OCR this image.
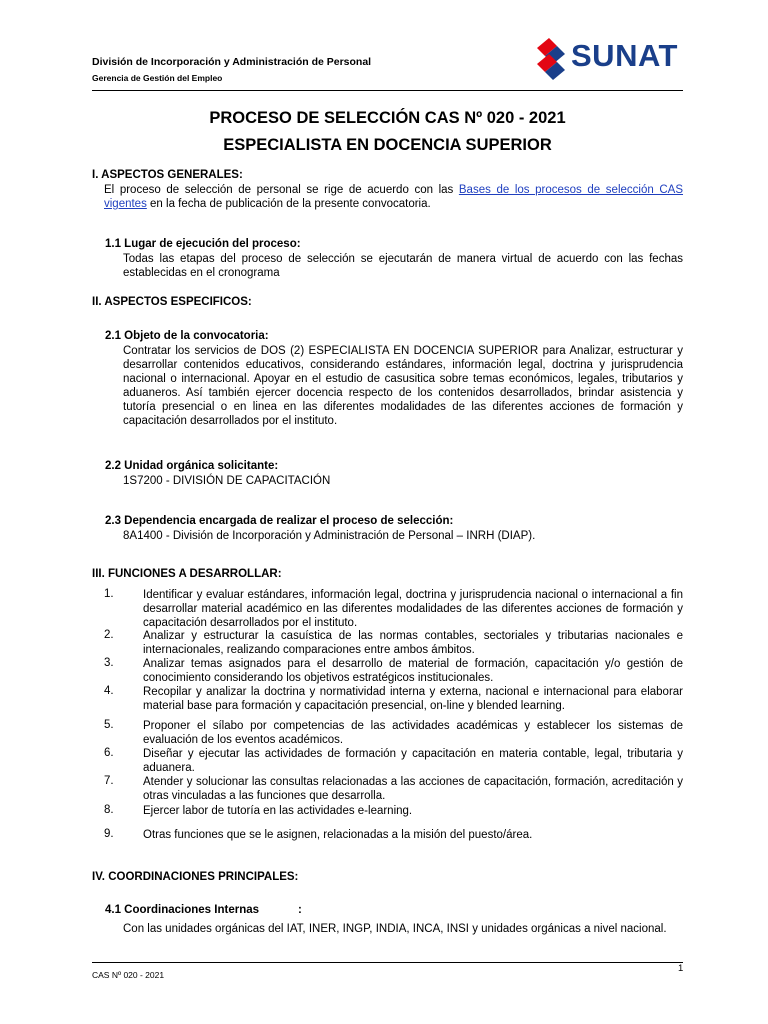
División de Incorporación y Administración de Personal
Gerencia de Gestión del Empleo
SUNAT
PROCESO DE SELECCIÓN CAS Nº 020 - 2021
ESPECIALISTA EN DOCENCIA SUPERIOR
I. ASPECTOS GENERALES:
El proceso de selección de personal se rige de acuerdo con las Bases de los procesos de selección CAS vigentes en la fecha de publicación de la presente convocatoria.
1.1 Lugar de ejecución del proceso:
Todas las etapas del proceso de selección se ejecutarán de manera virtual de acuerdo con las fechas establecidas en el cronograma
II. ASPECTOS ESPECIFICOS:
2.1 Objeto de la convocatoria:
Contratar los servicios de DOS (2) ESPECIALISTA EN DOCENCIA SUPERIOR para Analizar, estructurar y desarrollar contenidos educativos, considerando estándares, información legal, doctrina y jurisprudencia nacional o internacional. Apoyar en el estudio de casusitica sobre temas económicos, legales, tributarios y aduaneros. Así también ejercer docencia respecto de los contenidos desarrollados, brindar asistencia y tutoría presencial o en linea en las diferentes modalidades de las diferentes acciones de formación y capacitación desarrollados por el instituto.
2.2 Unidad orgánica solicitante:
1S7200 - DIVISIÓN DE CAPACITACIÓN
2.3 Dependencia encargada de realizar el proceso de selección:
8A1400 - División de Incorporación y Administración de Personal – INRH (DIAP).
III. FUNCIONES A DESARROLLAR:
1.	Identificar y evaluar estándares, información legal, doctrina y jurisprudencia nacional o internacional a fin desarrollar material académico en las diferentes modalidades de las diferentes acciones de formación y capacitación desarrollados por el instituto.
2.	Analizar y estructurar la casuística de las normas contables, sectoriales y tributarias nacionales e internacionales, realizando comparaciones entre ambos ámbitos.
3.	Analizar temas asignados para el desarrollo de material de formación, capacitación y/o gestión de conocimiento considerando los objetivos estratégicos institucionales.
4.	Recopilar y analizar la doctrina y normatividad interna y externa, nacional e internacional para elaborar material base para formación y capacitación presencial, on-line y blended learning.
5.	Proponer el sílabo por competencias de las actividades académicas y establecer los sistemas de evaluación de los eventos académicos.
6.	Diseñar y ejecutar las actividades de formación y capacitación en materia contable, legal, tributaria y aduanera.
7.	Atender y solucionar las consultas relacionadas a las acciones de capacitación, formación, acreditación y otras vinculadas a las funciones que desarrolla.
8.	Ejercer labor de tutoría en las actividades e-learning.
9.	Otras funciones que se le asignen, relacionadas a la misión del puesto/área.
IV. COORDINACIONES PRINCIPALES:
4.1 Coordinaciones Internas	:
Con las unidades orgánicas del IAT, INER, INGP, INDIA, INCA, INSI y unidades orgánicas a nivel nacional.
CAS Nº 020 - 2021
1
